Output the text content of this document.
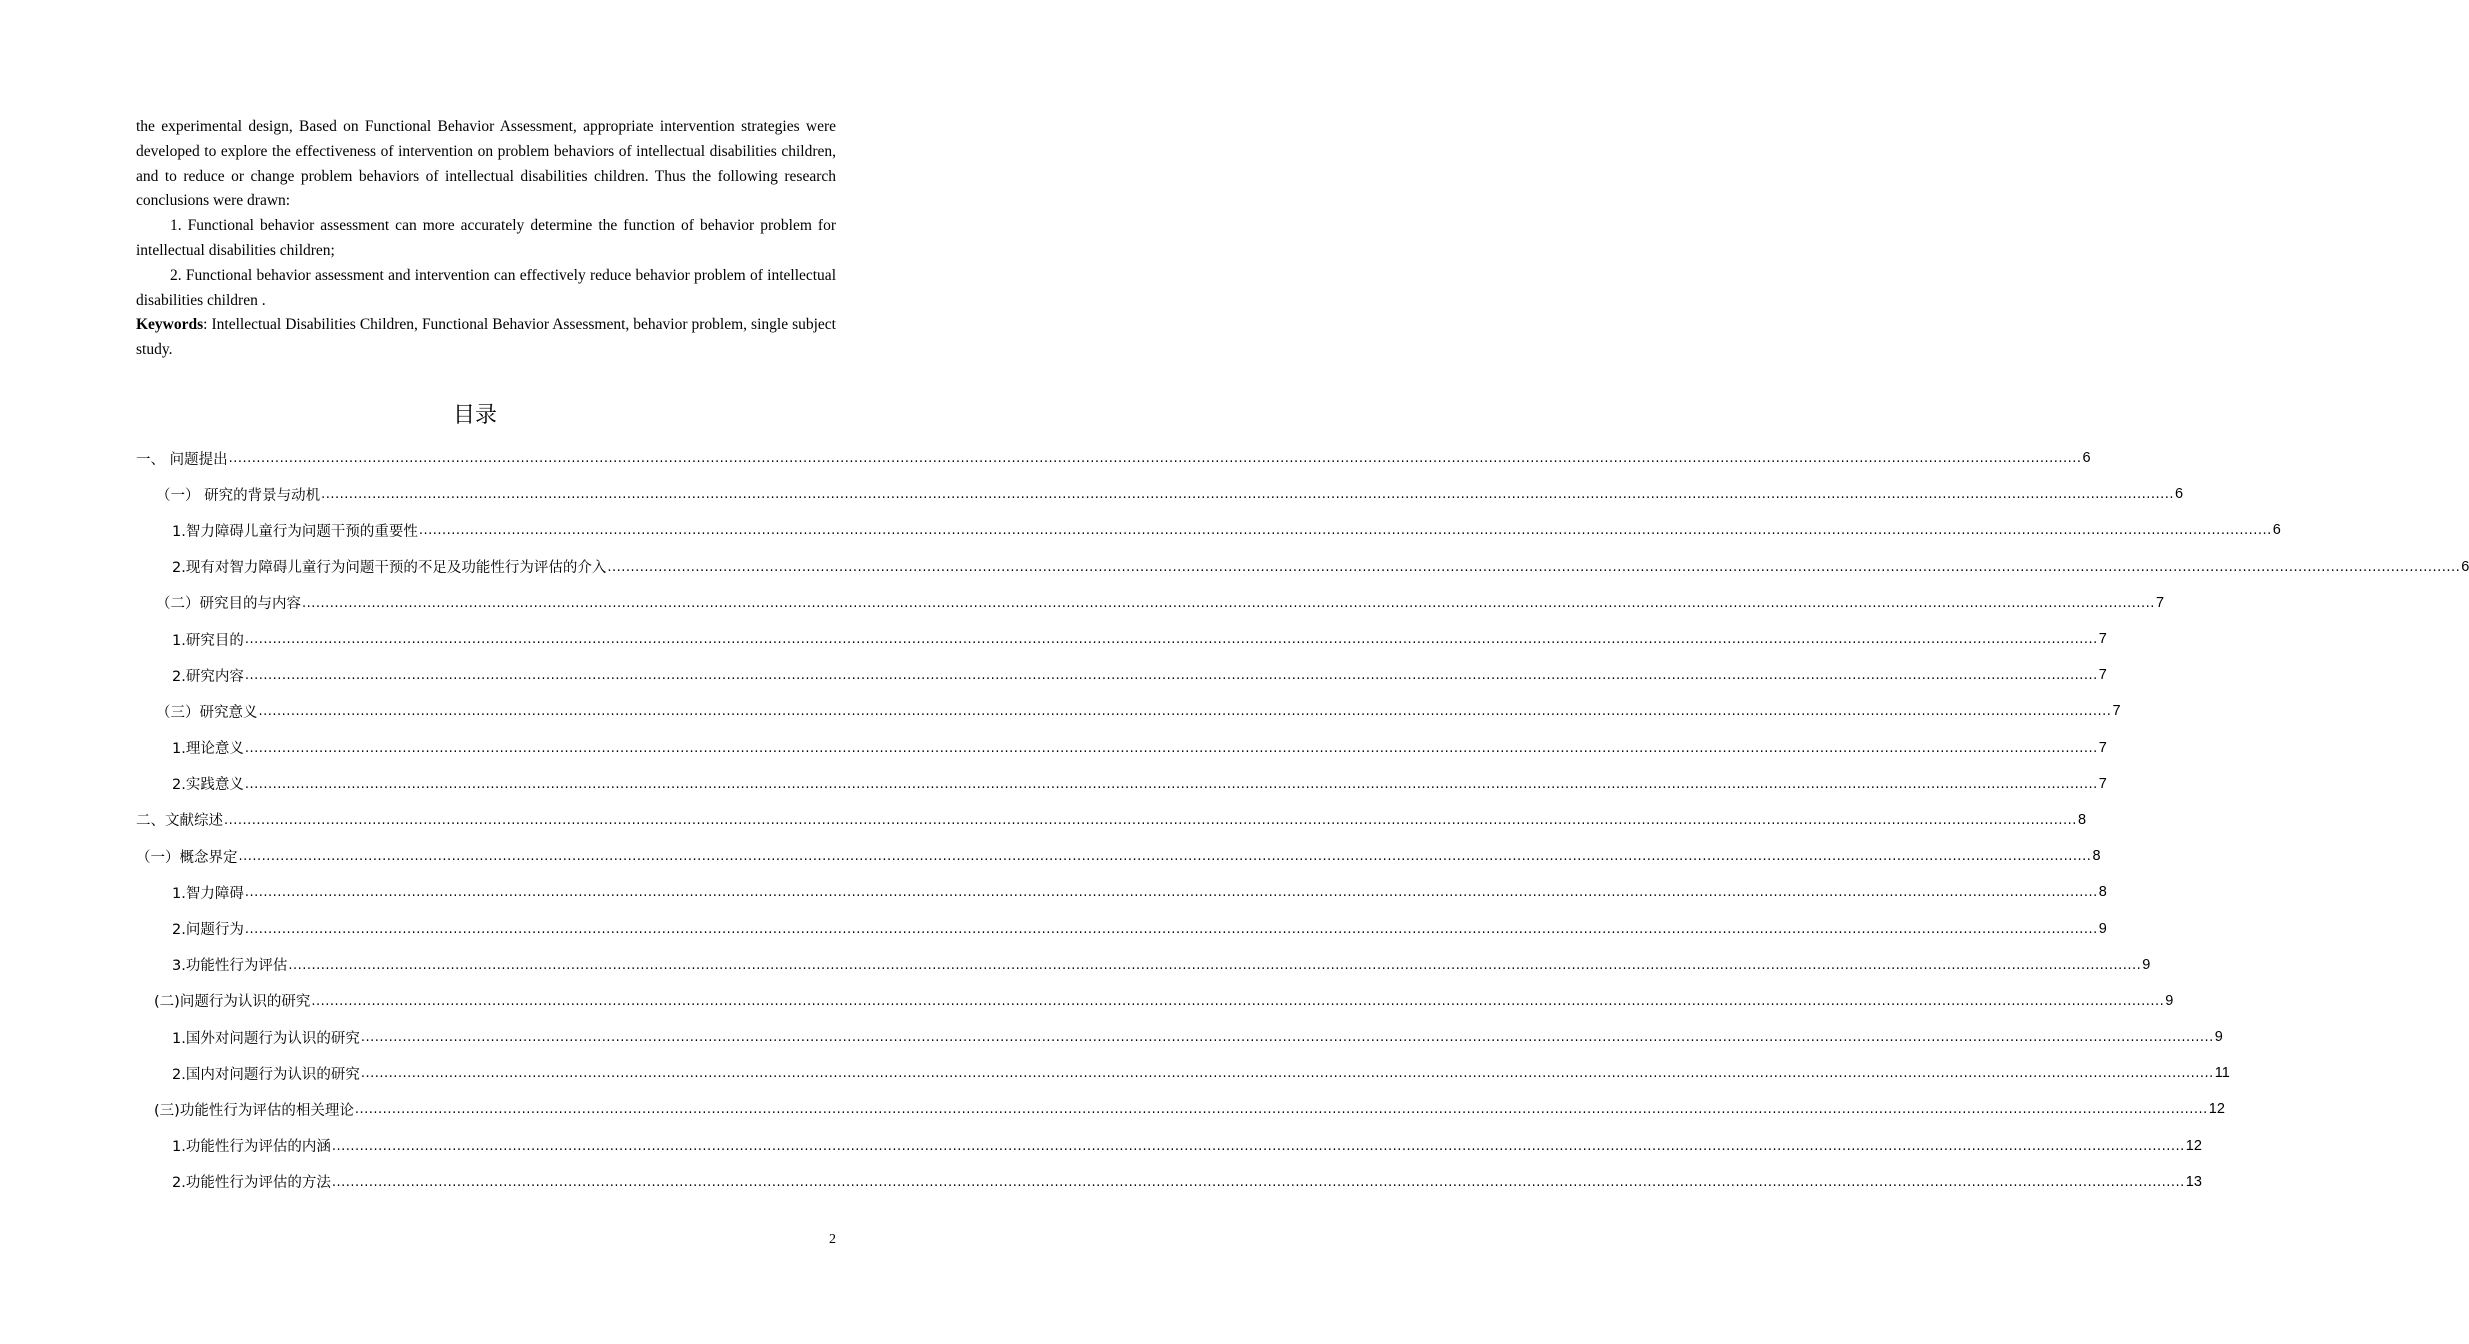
the experimental design, Based on Functional Behavior Assessment, appropriate intervention strategies were developed to explore the effectiveness of intervention on problem behaviors of intellectual disabilities children, and to reduce or change problem behaviors of intellectual disabilities children. Thus the following research conclusions were drawn:

1. Functional behavior assessment can more accurately determine the function of behavior problem for intellectual disabilities children;

2. Functional behavior assessment and intervention can effectively reduce behavior problem of intellectual disabilities children .

Keywords: Intellectual Disabilities Children, Functional Behavior Assessment, behavior problem, single subject study.

目录
一、 问题提出 ................................................................................................................................................................................................................................................................................................................................................................................................................ 6
（一） 研究的背景与动机 ................................................................................................................................................................................................................................................................................................................................................................................................................ 6
1.智力障碍儿童行为问题干预的重要性 ................................................................................................................................................................................................................................................................................................................................................................................................................ 6
2.现有对智力障碍儿童行为问题干预的不足及功能性行为评估的介入 ................................................................................................................................................................................................................................................................................................................................................................................................................ 6
（二）研究目的与内容 ................................................................................................................................................................................................................................................................................................................................................................................................................ 7
1.研究目的 ................................................................................................................................................................................................................................................................................................................................................................................................................ 7
2.研究内容 ................................................................................................................................................................................................................................................................................................................................................................................................................ 7
（三）研究意义 ................................................................................................................................................................................................................................................................................................................................................................................................................ 7
1.理论意义 ................................................................................................................................................................................................................................................................................................................................................................................................................ 7
2.实践意义 ................................................................................................................................................................................................................................................................................................................................................................................................................ 7
二、文献综述 ................................................................................................................................................................................................................................................................................................................................................................................................................ 8
（一）概念界定 ................................................................................................................................................................................................................................................................................................................................................................................................................ 8
1.智力障碍 ................................................................................................................................................................................................................................................................................................................................................................................................................ 8
2.问题行为 ................................................................................................................................................................................................................................................................................................................................................................................................................ 9
3.功能性行为评估 ................................................................................................................................................................................................................................................................................................................................................................................................................ 9
(二)问题行为认识的研究 ................................................................................................................................................................................................................................................................................................................................................................................................................ 9
1.国外对问题行为认识的研究 ................................................................................................................................................................................................................................................................................................................................................................................................................ 9
2.国内对问题行为认识的研究 ................................................................................................................................................................................................................................................................................................................................................................................................................ 11
(三)功能性行为评估的相关理论 ................................................................................................................................................................................................................................................................................................................................................................................................................ 12
1.功能性行为评估的内涵 ................................................................................................................................................................................................................................................................................................................................................................................................................ 12
2.功能性行为评估的方法 ................................................................................................................................................................................................................................................................................................................................................................................................................ 13
2
